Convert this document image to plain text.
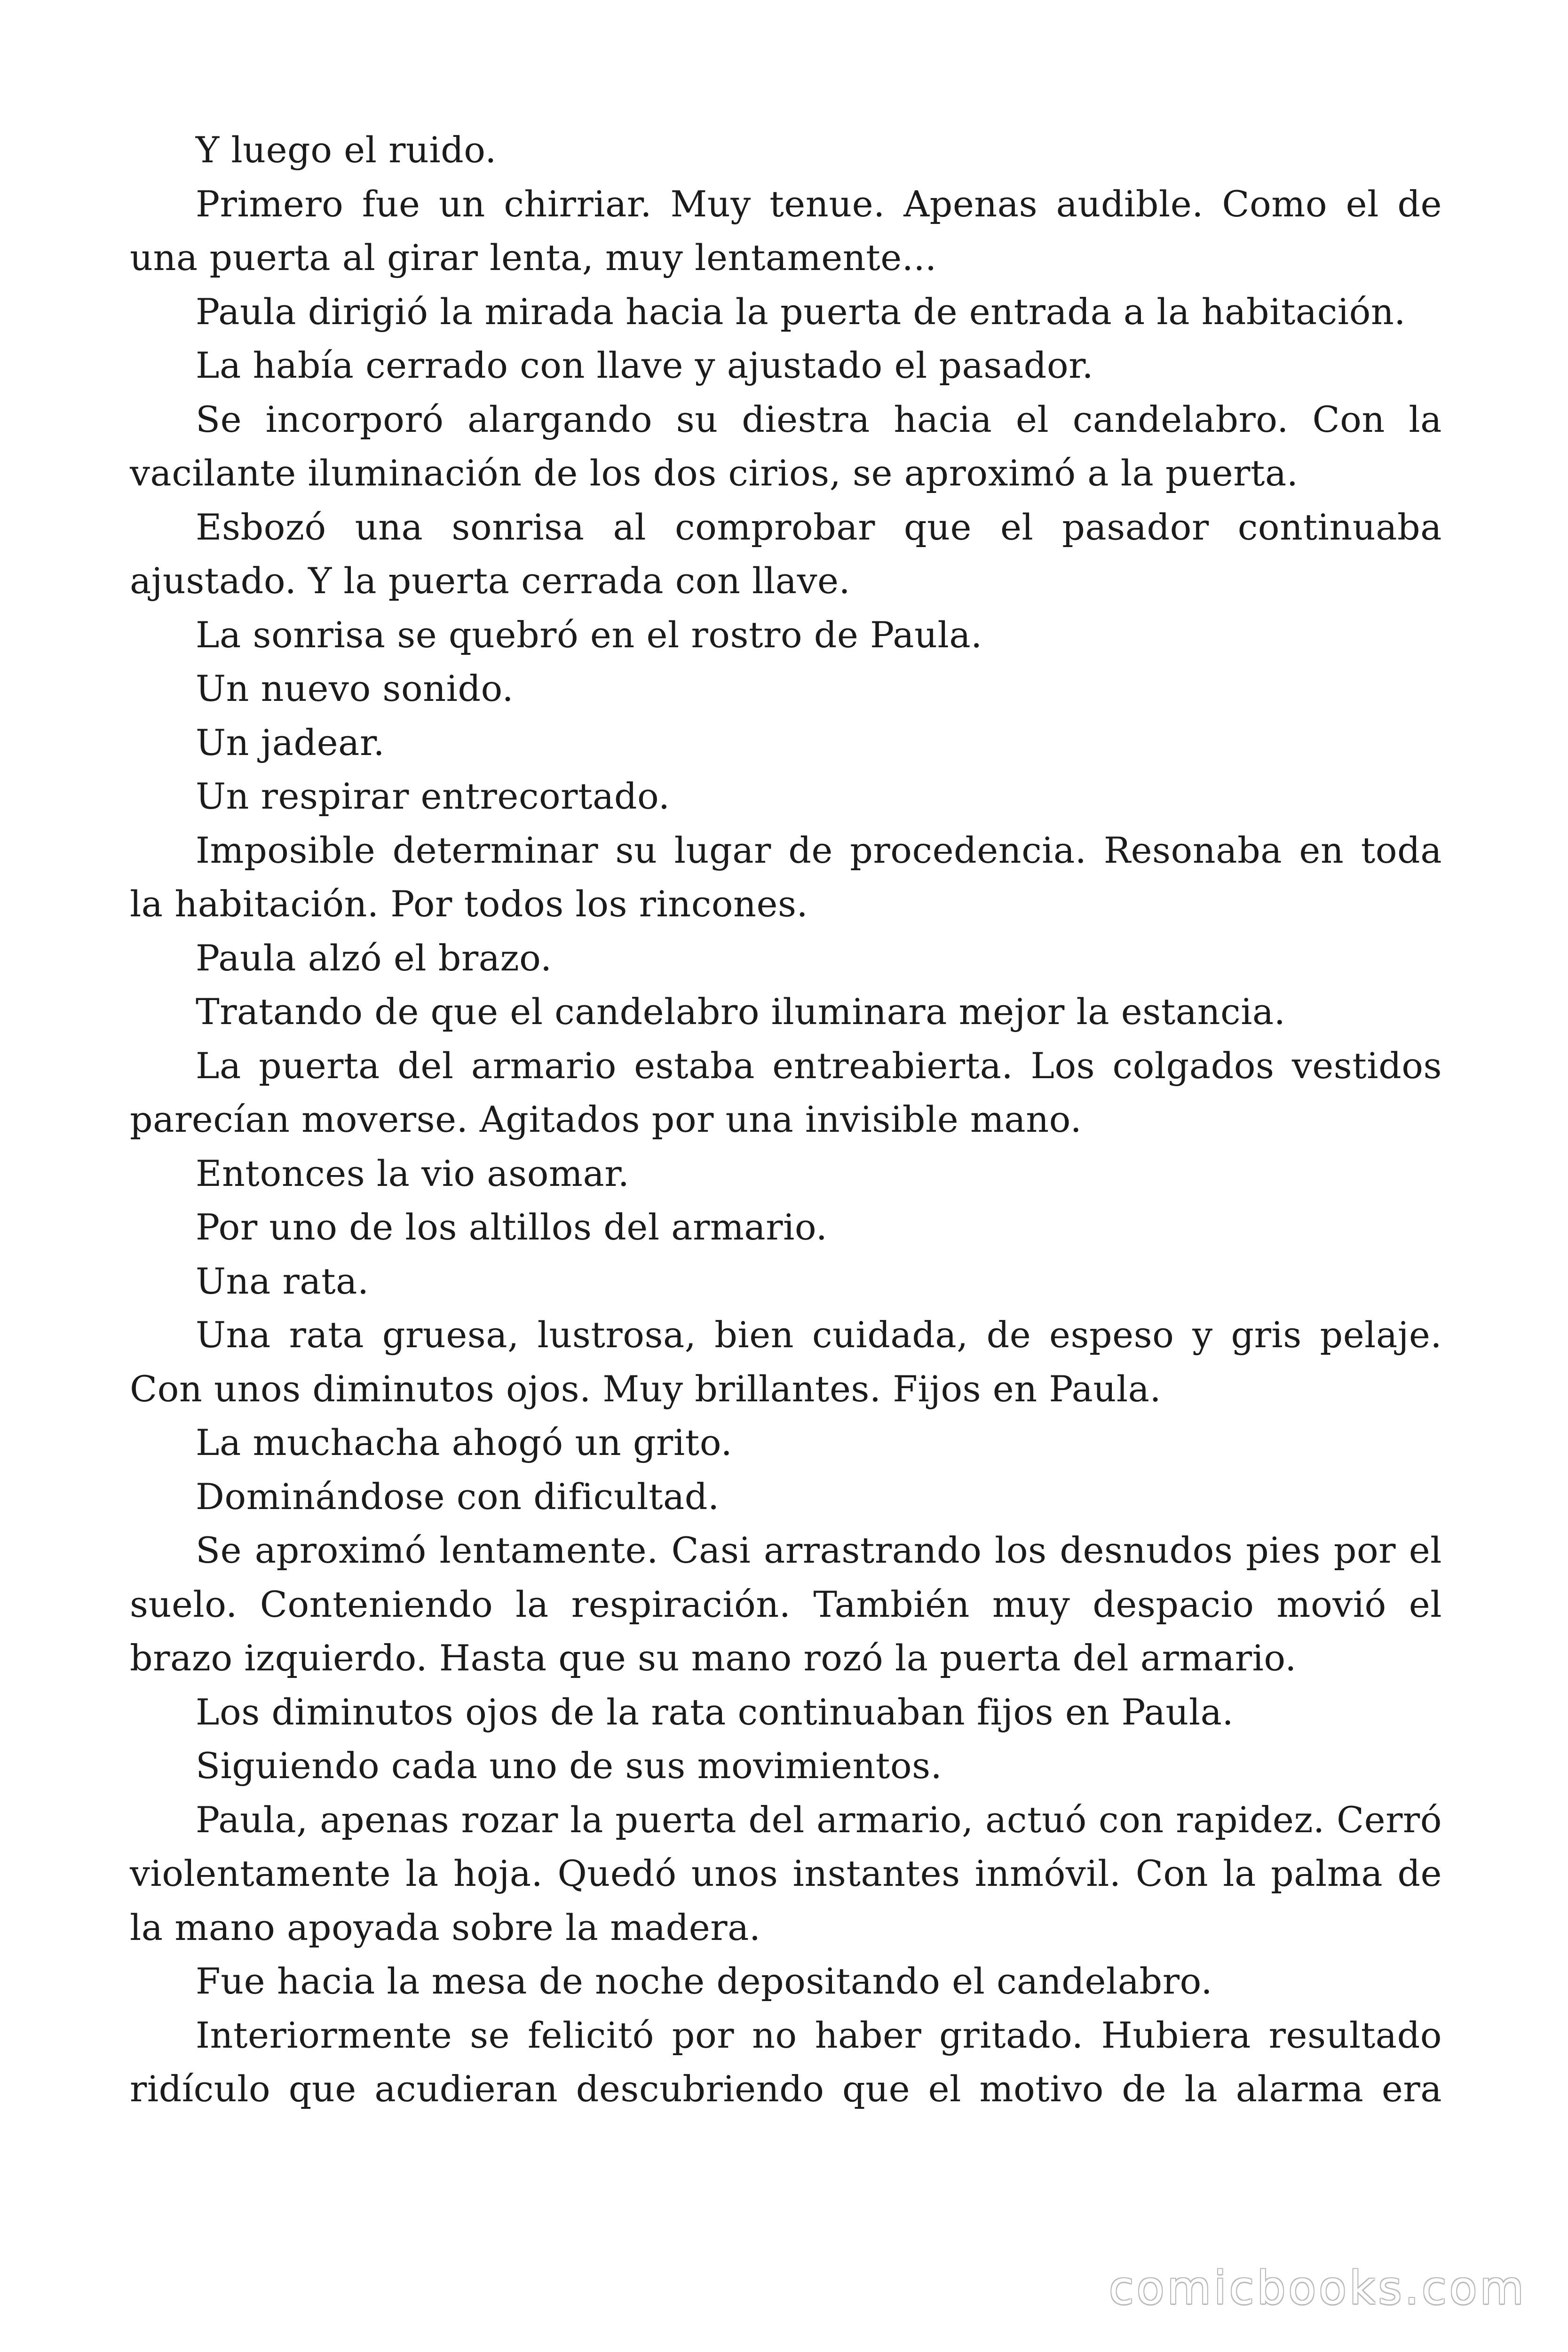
Y luego el ruido.

Primero fue un chirriar. Muy tenue. Apenas audible. Como el de una puerta al girar lenta, muy lentamente...

Paula dirigió la mirada hacia la puerta de entrada a la habitación.

La había cerrado con llave y ajustado el pasador.

Se incorporó alargando su diestra hacia el candelabro. Con la vacilante iluminación de los dos cirios, se aproximó a la puerta.

Esbozó una sonrisa al comprobar que el pasador continuaba ajustado. Y la puerta cerrada con llave.

La sonrisa se quebró en el rostro de Paula.

Un nuevo sonido.

Un jadear.

Un respirar entrecortado.

Imposible determinar su lugar de procedencia. Resonaba en toda la habitación. Por todos los rincones.

Paula alzó el brazo.

Tratando de que el candelabro iluminara mejor la estancia.

La puerta del armario estaba entreabierta. Los colgados vestidos parecían moverse. Agitados por una invisible mano.

Entonces la vio asomar.

Por uno de los altillos del armario.

Una rata.

Una rata gruesa, lustrosa, bien cuidada, de espeso y gris pelaje. Con unos diminutos ojos. Muy brillantes. Fijos en Paula.

La muchacha ahogó un grito.

Dominándose con dificultad.

Se aproximó lentamente. Casi arrastrando los desnudos pies por el suelo. Conteniendo la respiración. También muy despacio movió el brazo izquierdo. Hasta que su mano rozó la puerta del armario.

Los diminutos ojos de la rata continuaban fijos en Paula.

Siguiendo cada uno de sus movimientos.

Paula, apenas rozar la puerta del armario, actuó con rapidez. Cerró violentamente la hoja. Quedó unos instantes inmóvil. Con la palma de la mano apoyada sobre la madera.

Fue hacia la mesa de noche depositando el candelabro.

Interiormente se felicitó por no haber gritado. Hubiera resultado ridículo que acudieran descubriendo que el motivo de la alarma era

comicbooks.com
